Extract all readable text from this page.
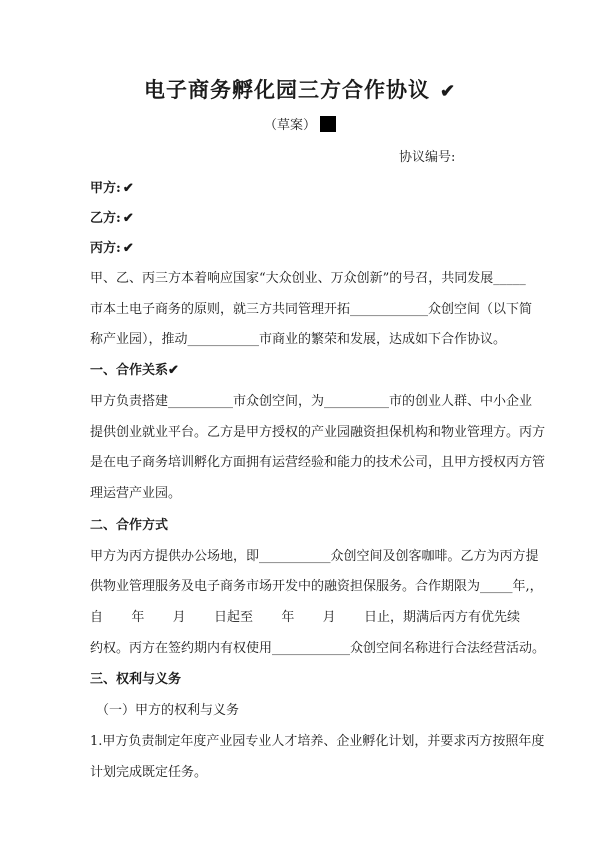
电子商务孵化园三方合作协议 ✔
（草案）
协议编号:
甲方: ✔
乙方: ✔
丙方: ✔
甲、乙、丙三方本着响应国家“大众创业、万众创新”的号召，共同发展_____
市本土电子商务的原则，就三方共同管理开拓____________众创空间（以下简
称产业园），推动___________市商业的繁荣和发展，达成如下合作协议。
一、合作关系✔
甲方负责搭建__________市众创空间，为__________市的创业人群、中小企业
提供创业就业平台。乙方是甲方授权的产业园融资担保机构和物业管理方。丙方
是在电子商务培训孵化方面拥有运营经验和能力的技术公司，且甲方授权丙方管
理运营产业园。
二、合作方式
甲方为丙方提供办公场地，即___________众创空间及创客咖啡。乙方为丙方提
供物业管理服务及电子商务市场开发中的融资担保服务。合作期限为_____年,，
自 年 月 日起至 年 月 日止，期满后丙方有优先续
约权。丙方在签约期内有权使用____________众创空间名称进行合法经营活动。
三、权利与义务
（一）甲方的权利与义务
1.甲方负责制定年度产业园专业人才培养、企业孵化计划，并要求丙方按照年度
计划完成既定任务。
